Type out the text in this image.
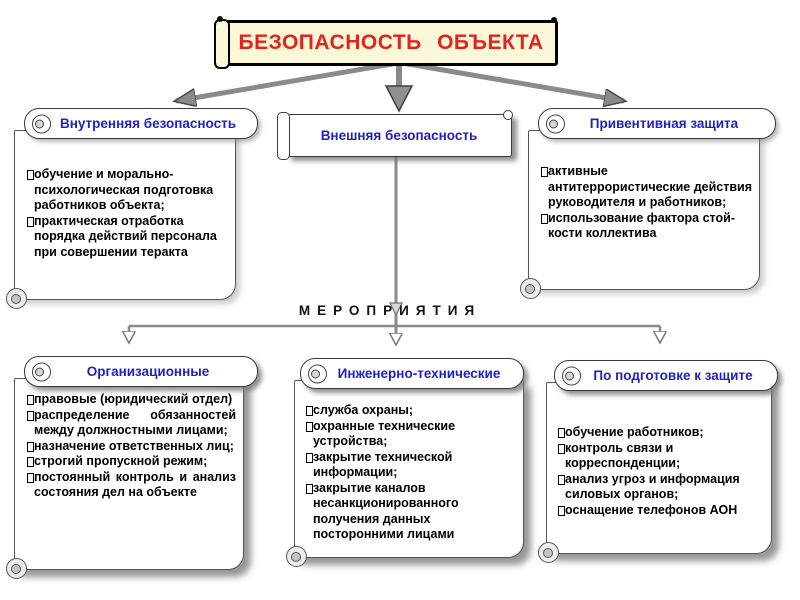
БЕЗОПАСНОСТЬ ОБЪЕКТА
обучение и морально-психологическая подготовка работников объекта;
практическая отработка порядка действий персонала при совершении теракта
Внутренняя безопасность
Внешняя безопасность
активные антитеррористические действия руководителя и работников;
использование фактора стой-кости коллектива
Привентивная защита
МЕРОПРИЯТИЯ
правовые (юридический отдел)
распределение обязанностей между должностными лицами;
назначение ответственных лиц;
строгий пропускной режим;
постоянный контроль и анализ состояния дел на объекте
Организационные
служба охраны;
охранные технические устройства;
закрытие технической информации;
закрытие каналов несанкционированного получения данных посторонними лицами
Инженерно-технические
обучение работников;
контроль связи и корреспонденции;
анализ угроз и информация силовых органов;
оснащение телефонов АОН
По подготовке к защите
